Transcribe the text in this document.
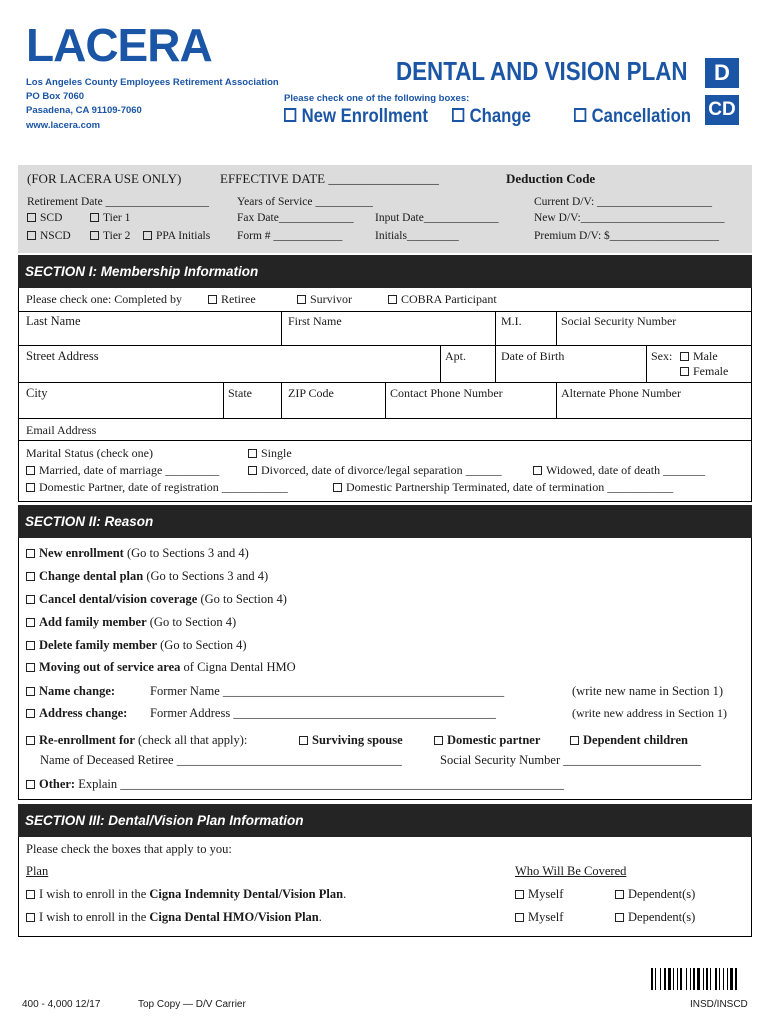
LACERA
Los Angeles County Employees Retirement Association
PO Box 7060
Pasadena, CA 91109-7060
www.lacera.com
DENTAL AND VISION PLAN	D
CD
Please check one of the following boxes:
New Enrollment	Change	Cancellation
(FOR LACERA USE ONLY)	EFFECTIVE DATE _________________	Deduction Code
Retirement Date __________________
SCD	Tier 1
NSCD	Tier 2	PPA Initials
Years of Service __________
Fax Date_____________
Form # ____________
Input Date_____________
Initials_________
Current D/V: ____________________
New D/V:_________________________
Premium D/V: $___________________
SECTION I: Membership Information
Please check one: Completed by	Retiree	Survivor	COBRA Participant
Last Name	First Name	M.I.	Social Security Number
Street Address	Apt.	Date of Birth	Sex:	Male
Female
City	State	ZIP Code	Contact Phone Number	Alternate Phone Number
Email Address
Marital Status (check one)	Single
Married, date of marriage _________	Divorced, date of divorce/legal separation ______	Widowed, date of death _______
Domestic Partner, date of registration ___________	Domestic Partnership Terminated, date of termination ___________
SECTION II: Reason
New enrollment (Go to Sections 3 and 4)
Change dental plan (Go to Sections 3 and 4)
Cancel dental/vision coverage (Go to Section 4)
Add family member (Go to Section 4)
Delete family member (Go to Section 4)
Moving out of service area of Cigna Dental HMO
Name change:	Former Name _____________________________________________	(write new name in Section 1)
Address change: Former Address __________________________________________	(write new address in Section 1)
Re-enrollment for (check all that apply):	Surviving spouse	Domestic partner	Dependent children
Name of Deceased Retiree ____________________________________	Social Security Number ______________________
Other: Explain _______________________________________________________________________
SECTION III: Dental/Vision Plan Information
Please check the boxes that apply to you:
Plan	Who Will Be Covered
I wish to enroll in the Cigna Indemnity Dental/Vision Plan.	Myself	Dependent(s)
I wish to enroll in the Cigna Dental HMO/Vision Plan.	Myself	Dependent(s)
400 - 4,000 12/17	Top Copy — D/V Carrier	INSD/INSCD
